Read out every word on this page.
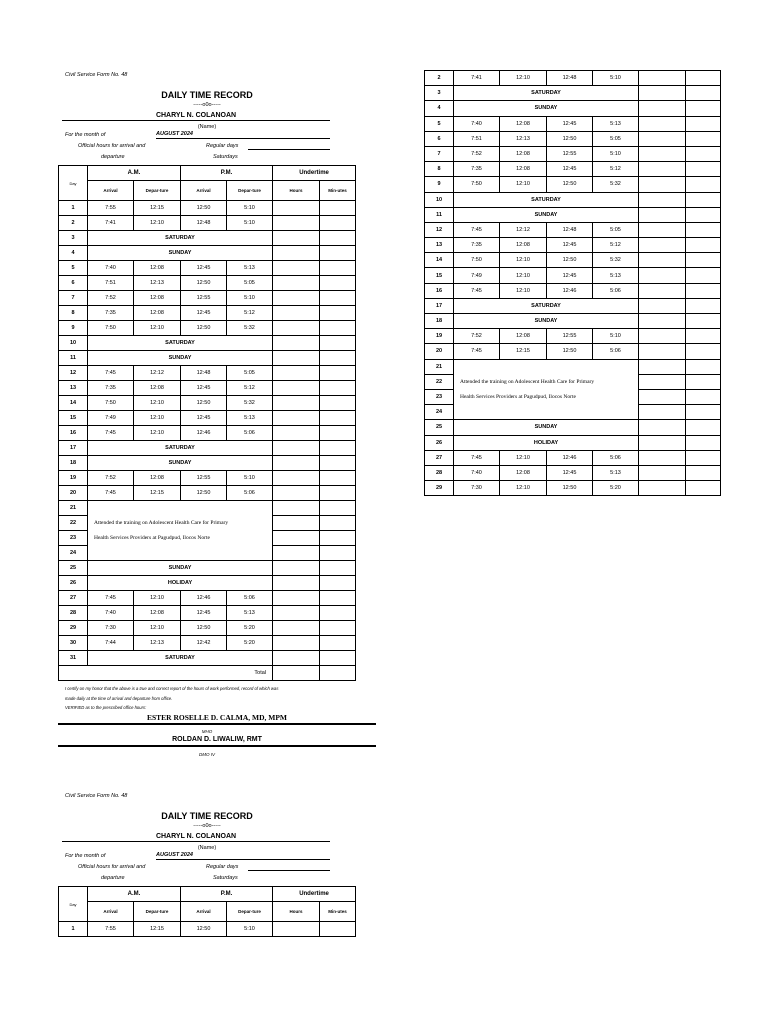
Civil Service Form No. 48
DAILY TIME RECORD
-----o0o-----
CHARYL N. COLANOAN
(Name)
For the month of	AUGUST 2024
Official hours for arrival and
departure
Regular days
Saturdays
Day	A.M.		P.M.		Undertime	
	Arrival	Depar-ture	Arrival	Depar-ture	Hours	Min-utes
1	7:55	12:15	12:50	5:10		
2	7:41	12:10	12:48	5:10		
3	SATURDAY					
4	SUNDAY					
5	7:40	12:08	12:45	5:13		
6	7:51	12:13	12:50	5:05		
7	7:52	12:08	12:55	5:10		
8	7:35	12:08	12:45	5:12		
9	7:50	12:10	12:50	5:32		
10	SATURDAY					
11	SUNDAY					
12	7:45	12:12	12:48	5:05		
13	7:35	12:08	12:45	5:12		
14	7:50	12:10	12:50	5:32		
15	7:49	12:10	12:45	5:13		
16	7:45	12:10	12:46	5:06		
17	SATURDAY					
18	SUNDAY					
19	7:52	12:08	12:55	5:10		
20	7:45	12:15	12:50	5:06		
21						
22	Attended the training on Adolescent Health Care for Primary					
23	Health Services Providers at Pagudpud, Ilocos Norte					
24						
25	SUNDAY					
26	HOLIDAY					
27	7:45	12:10	12:46	5:06		
28	7:40	12:08	12:45	5:13		
29	7:30	12:10	12:50	5:20		
30	7:44	12:13	12:42	5:20		
31	SATURDAY					
Total						
I certify on my honor that the above is a true and correct report of the hours of work performed, record of which was
made daily at the time of arrival and departure from office.
VERIFIED as to the prescribed office hours:
ESTER ROSELLE D. CALMA, MD, MPM
MHO
ROLDAN D. LIWALIW, RMT
DMO IV
2	7:41	12:10	12:48	5:10		
3	SATURDAY					
4	SUNDAY					
5	7:40	12:08	12:45	5:13		
6	7:51	12:13	12:50	5:05		
7	7:52	12:08	12:55	5:10		
8	7:35	12:08	12:45	5:12		
9	7:50	12:10	12:50	5:32		
10	SATURDAY					
11	SUNDAY					
12	7:45	12:12	12:48	5:05		
13	7:35	12:08	12:45	5:12		
14	7:50	12:10	12:50	5:32		
15	7:49	12:10	12:45	5:13		
16	7:45	12:10	12:46	5:06		
17	SATURDAY					
18	SUNDAY					
19	7:52	12:08	12:55	5:10		
20	7:45	12:15	12:50	5:06		
21						
22	Attended the training on Adolescent Health Care for Primary					
23	Health Services Providers at Pagudpud, Ilocos Norte					
24						
25	SUNDAY					
26	HOLIDAY					
27	7:45	12:10	12:46	5:06		
28	7:40	12:08	12:45	5:13		
29	7:30	12:10	12:50	5:20		
Civil Service Form No. 48
DAILY TIME RECORD
-----o0o-----
CHARYL N. COLANOAN
(Name)
For the month of	AUGUST 2024
Official hours for arrival and
departure
Regular days
Saturdays
Day	A.M.		P.M.		Undertime	
	Arrival	Depar-ture	Arrival	Depar-ture	Hours	Min-utes
1	7:55	12:15	12:50	5:10		
